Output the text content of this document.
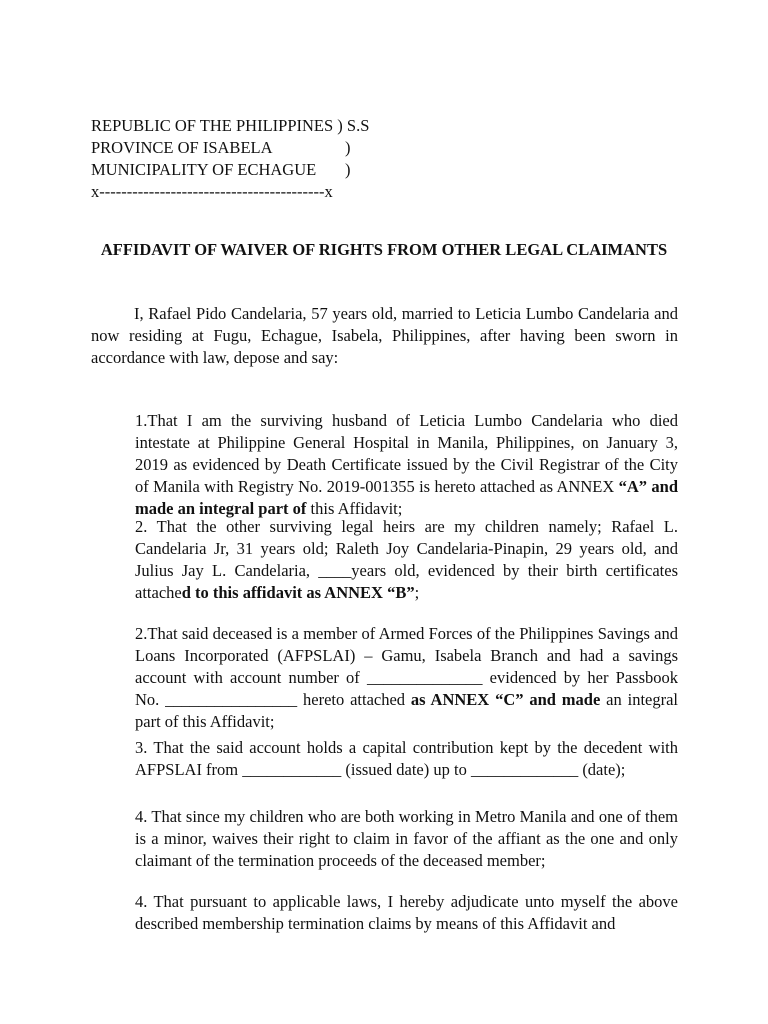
REPUBLIC OF THE PHILIPPINES ) S.S
PROVINCE OF ISABELA	)
MUNICIPALITY OF ECHAGUE	)
x-----------------------------------------x
AFFIDAVIT OF WAIVER OF RIGHTS FROM OTHER LEGAL CLAIMANTS
I, Rafael Pido Candelaria, 57 years old, married to Leticia Lumbo Candelaria and now residing at Fugu, Echague, Isabela, Philippines, after having been sworn in accordance with law, depose and say:
1.That I am the surviving husband of Leticia Lumbo Candelaria who died intestate at Philippine General Hospital in Manila, Philippines, on January 3, 2019 as evidenced by Death Certificate issued by the Civil Registrar of the City of Manila with Registry No. 2019-001355 is hereto attached as ANNEX “A” and made an integral part of this Affidavit;
2. That the other surviving legal heirs are my children namely; Rafael L. Candelaria Jr, 31 years old; Raleth Joy Candelaria-Pinapin, 29 years old, and Julius Jay L. Candelaria, ____years old, evidenced by their birth certificates attached to this affidavit as ANNEX “B”;
2.That said deceased is a member of Armed Forces of the Philippines Savings and Loans Incorporated (AFPSLAI) – Gamu, Isabela Branch and had a savings account with account number of ______________ evidenced by her Passbook No. ________________ hereto attached as ANNEX “C” and made an integral part of this Affidavit;
3. That the said account holds a capital contribution kept by the decedent with AFPSLAI from ____________ (issued date) up to _____________ (date);
4. That since my children who are both working in Metro Manila and one of them is a minor, waives their right to claim in favor of the affiant as the one and only claimant of the termination proceeds of the deceased member;
4. That pursuant to applicable laws, I hereby adjudicate unto myself the above described membership termination claims by means of this Affidavit and
